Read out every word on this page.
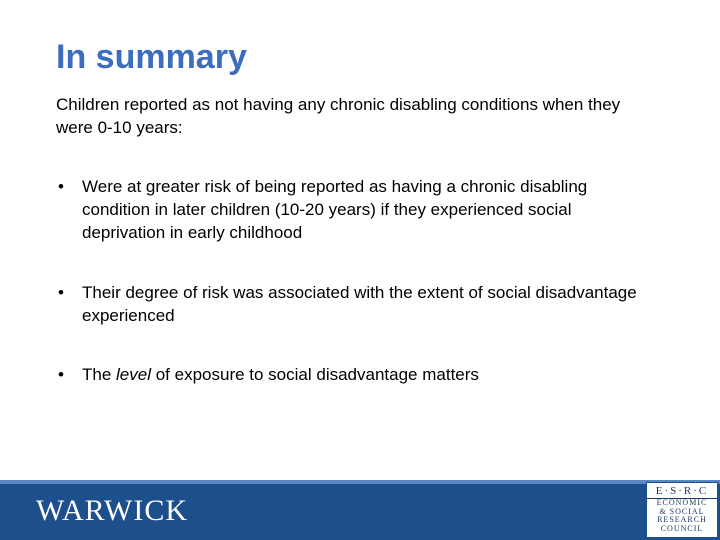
In summary
Children reported as not having any chronic disabling conditions when they were 0-10 years:
• Were at greater risk of being reported as having a chronic disabling condition in later children (10-20 years) if they experienced social deprivation in early childhood
• Their degree of risk was associated with the extent of social disadvantage experienced
• The level of exposure to social disadvantage matters
WARWICK
E·S·R·C
ECONOMIC
& SOCIAL
RESEARCH
COUNCIL
